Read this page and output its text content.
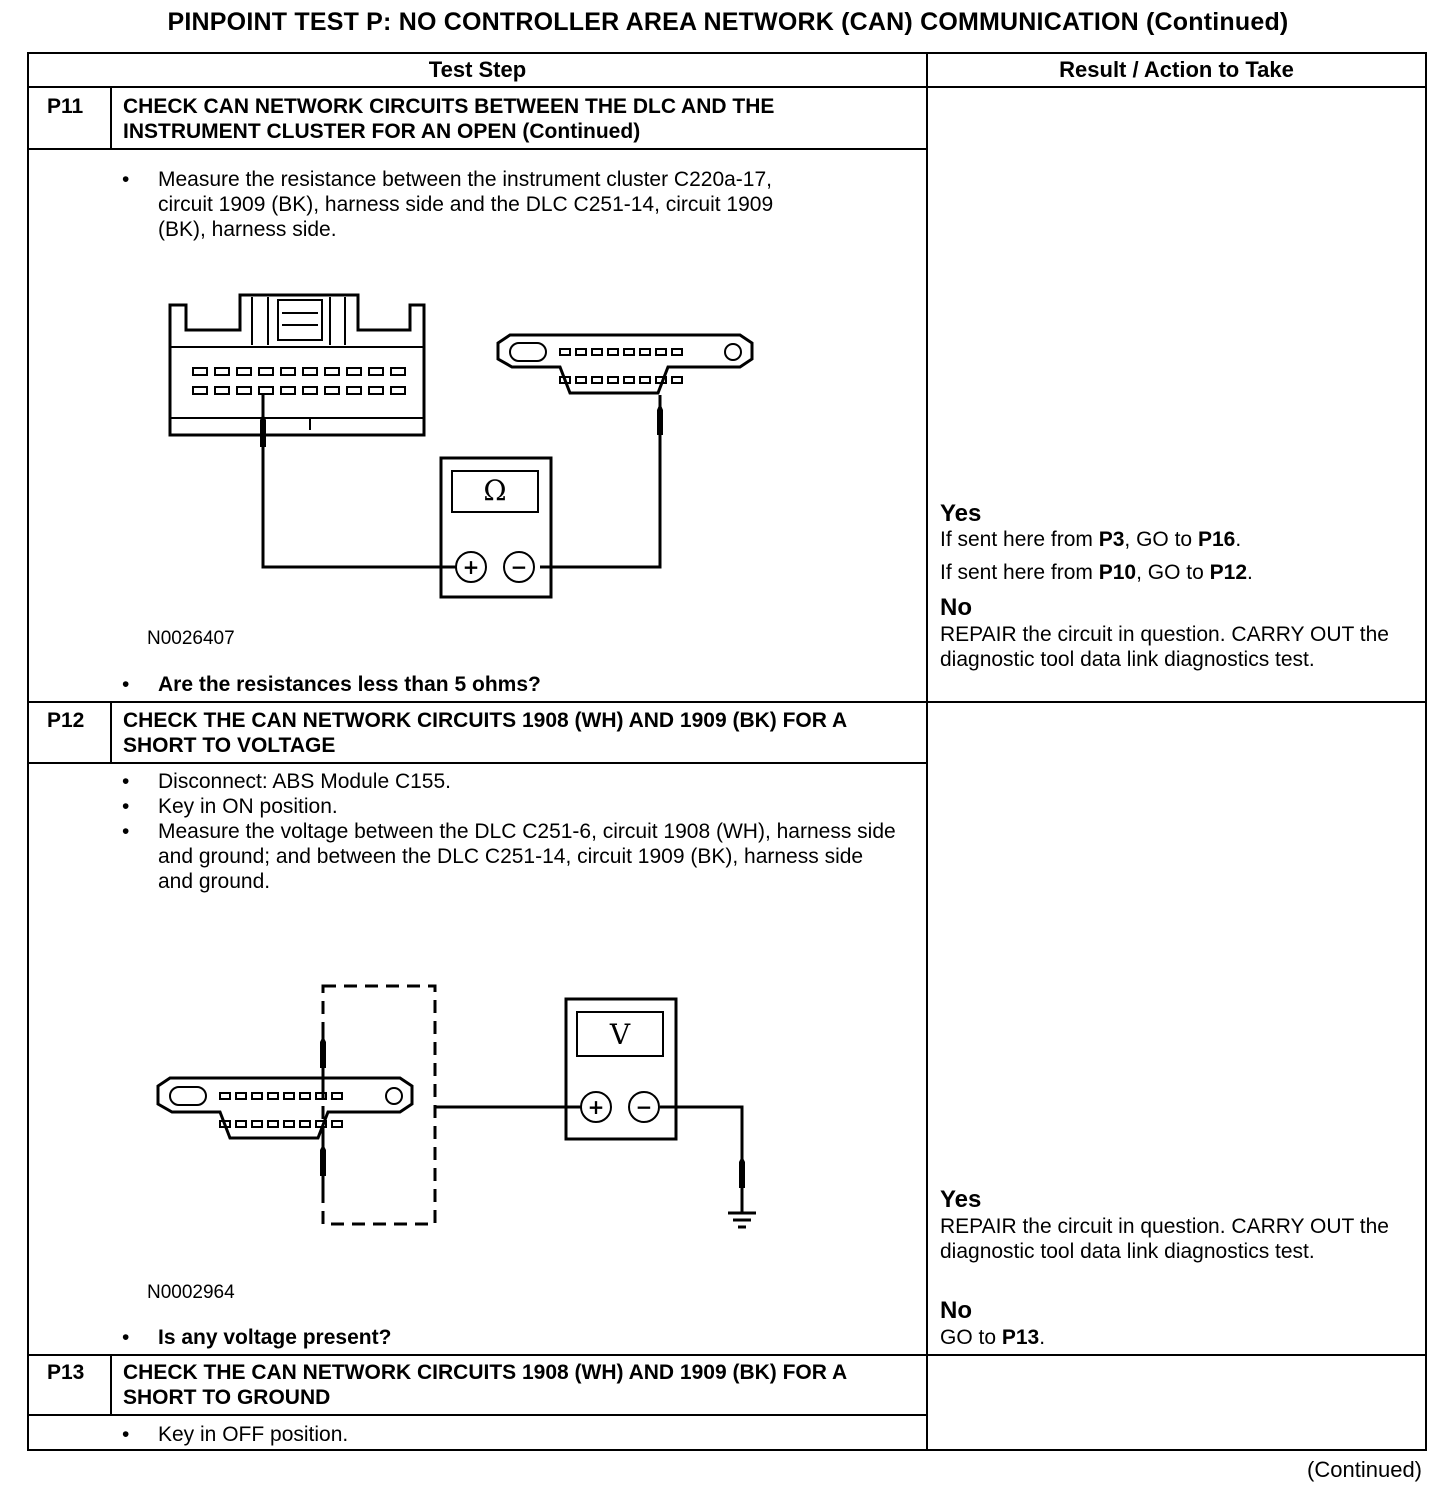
PINPOINT TEST P: NO CONTROLLER AREA NETWORK (CAN) COMMUNICATION (Continued)
Test Step	Result / Action to Take
P11 CHECK CAN NETWORK CIRCUITS BETWEEN THE DLC AND THE INSTRUMENT CLUSTER FOR AN OPEN (Continued)
• Measure the resistance between the instrument cluster C220a-17, circuit 1909 (BK), harness side and the DLC C251-14, circuit 1909 (BK), harness side.
Ω
+ −
N0026407
• Are the resistances less than 5 ohms?
Yes
If sent here from P3, GO to P16.
If sent here from P10, GO to P12.
No
REPAIR the circuit in question. CARRY OUT the diagnostic tool data link diagnostics test.
P12 CHECK THE CAN NETWORK CIRCUITS 1908 (WH) AND 1909 (BK) FOR A SHORT TO VOLTAGE
• Disconnect: ABS Module C155.
• Key in ON position.
• Measure the voltage between the DLC C251-6, circuit 1908 (WH), harness side and ground; and between the DLC C251-14, circuit 1909 (BK), harness side and ground.
V
+ −
N0002964
• Is any voltage present?
Yes
REPAIR the circuit in question. CARRY OUT the diagnostic tool data link diagnostics test.
No
GO to P13.
P13 CHECK THE CAN NETWORK CIRCUITS 1908 (WH) AND 1909 (BK) FOR A SHORT TO GROUND
• Key in OFF position.
(Continued)
